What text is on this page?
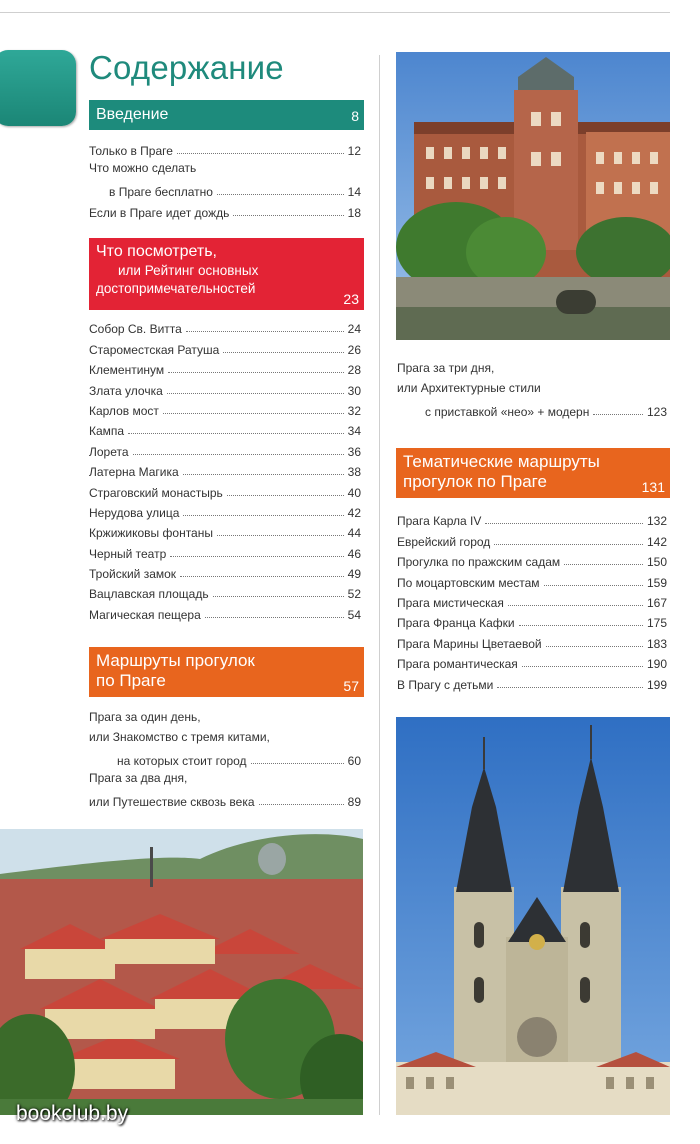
Содержание
Введение	8
Только в Праге	12
Что можно сделать
в Праге бесплатно	14
Если в Праге идет дождь	18
Что посмотреть,
или Рейтинг основных
достопримечательностей
23
Собор Св. Витта	24
Староместская Ратуша	26
Клементинум	28
Злата улочка	30
Карлов мост	32
Кампа	34
Лорета	36
Латерна Магика	38
Страговский монастырь	40
Нерудова улица	42
Кржижиковы фонтаны	44
Черный театр	46
Тройский замок	49
Вацлавская площадь	52
Магическая пещера	54
Маршруты прогулок
по Праге	57
Прага за один день,
или Знакомство с тремя китами,
на которых стоит город	60
Прага за два дня,
или Путешествие сквозь века	89
Прага за три дня,
или Архитектурные стили
с приставкой «нео» + модерн	123
Тематические маршруты
прогулок по Праге	131
Прага Карла IV	132
Еврейский город	142
Прогулка по пражским садам	150
По моцартовским местам	159
Прага мистическая	167
Прага Франца Кафки	175
Прага Марины Цветаевой	183
Прага романтическая	190
В Прагу с детьми	199
bookclub.by
